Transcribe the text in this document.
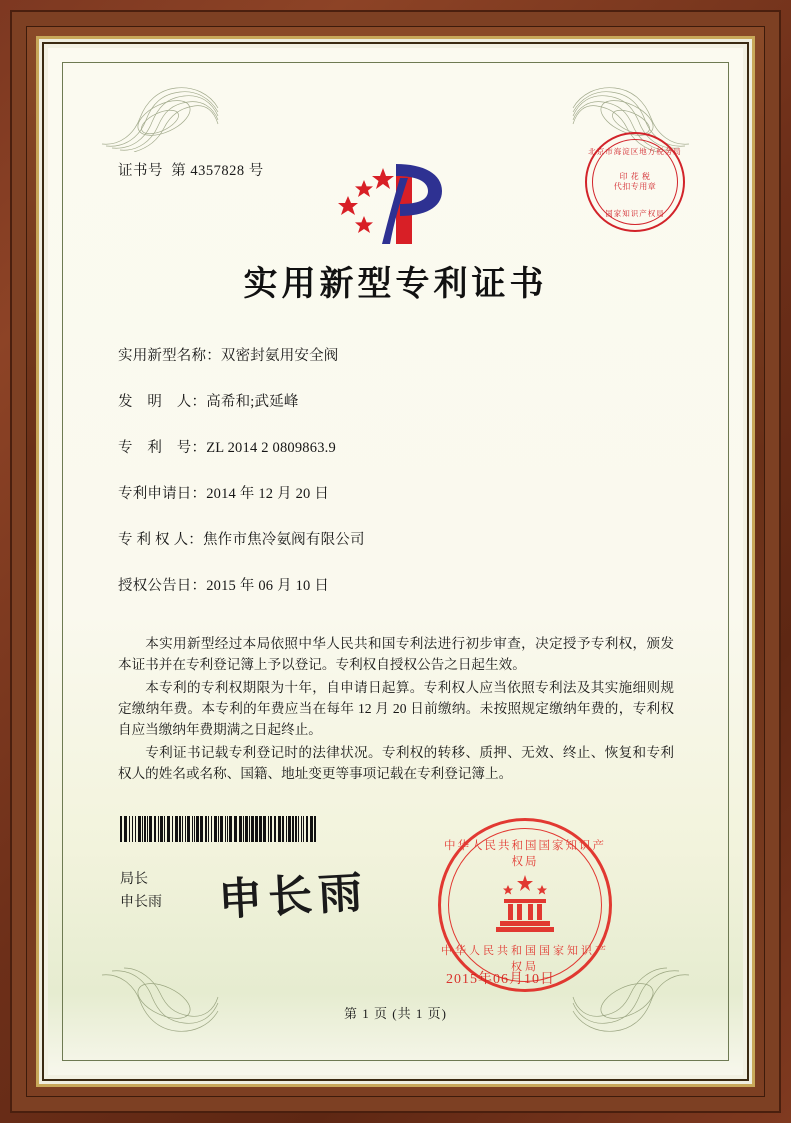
证书号 第 4357828 号
北京市海淀区地方税务局
印 花 税
代扣专用章
国家知识产权局
实用新型专利证书
实用新型名称：双密封氨用安全阀
发　明　人：高希和;武延峰
专　利　号：ZL 2014 2 0809863.9
专利申请日：2014 年 12 月 20 日
专 利 权 人：焦作市焦冷氨阀有限公司
授权公告日：2015 年 06 月 10 日

本实用新型经过本局依照中华人民共和国专利法进行初步审查，决定授予专利权，颁发本证书并在专利登记簿上予以登记。专利权自授权公告之日起生效。

本专利的专利权期限为十年，自申请日起算。专利权人应当依照专利法及其实施细则规定缴纳年费。本专利的年费应当在每年 12 月 20 日前缴纳。未按照规定缴纳年费的，专利权自应当缴纳年费期满之日起终止。

专利证书记载专利登记时的法律状况。专利权的转移、质押、无效、终止、恢复和专利权人的姓名或名称、国籍、地址变更等事项记载在专利登记簿上。

局长
申长雨 申长雨
中华人民共和国国家知识产权局
中华人民共和国国家知识产权局
2015年06月10日
第 1 页 (共 1 页)
